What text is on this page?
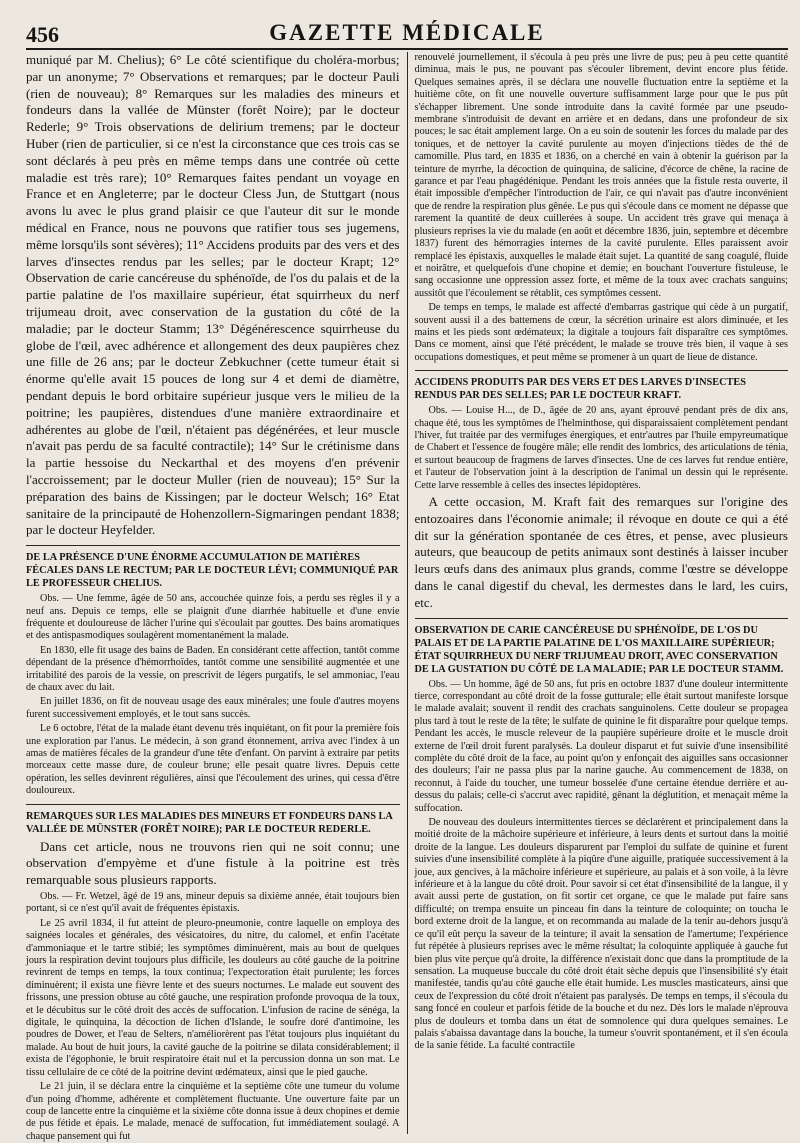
456	GAZETTE MÉDICALE

muniqué par M. Chelius); 6° Le côté scientifique du choléra-morbus; par un anonyme; 7° Observations et remarques; par le docteur Pauli (rien de nouveau); 8° Remarques sur les maladies des mineurs et fondeurs dans la vallée de Münster (forêt Noire); par le docteur Rederle; 9° Trois observations de delirium tremens; par le docteur Huber (rien de particulier, si ce n'est la circonstance que ces trois cas se sont déclarés à peu près en même temps dans une contrée où cette maladie est très rare); 10° Remarques faites pendant un voyage en France et en Angleterre; par le docteur Cless Jun, de Stuttgart (nous avons lu avec le plus grand plaisir ce que l'auteur dit sur le monde médical en France, nous ne pouvons que ratifier tous ses jugemens, même lorsqu'ils sont sévères); 11° Accidens produits par des vers et des larves d'insectes rendus par les selles; par le docteur Krapt; 12° Observation de carie cancéreuse du sphénoïde, de l'os du palais et de la partie palatine de l'os maxillaire supérieur, état squirrheux du nerf trijumeau droit, avec conservation de la gustation du côté de la maladie; par le docteur Stamm; 13° Dégénérescence squirrheuse du globe de l'œil, avec adhérence et allongement des deux paupières chez une fille de 26 ans; par le docteur Zebkuchner (cette tumeur était si énorme qu'elle avait 15 pouces de long sur 4 et demi de diamètre, pendant depuis le bord orbitaire supérieur jusque vers le milieu de la poitrine; les paupières, distendues d'une manière extraordinaire et adhérentes au globe de l'œil, n'étaient pas dégénérées, et leur muscle n'avait pas perdu de sa faculté contractile); 14° Sur le crétinisme dans la partie hessoise du Neckarthal et des moyens d'en prévenir l'accroissement; par le docteur Muller (rien de nouveau); 15° Sur la préparation des bains de Kissingen; par le docteur Welsch; 16° Etat sanitaire de la principauté de Hohenzollern-Sigmaringen pendant 1838; par le docteur Heyfelder.

DE LA PRÉSENCE D'UNE ÉNORME ACCUMULATION DE MATIÈRES FÉCALES DANS LE RECTUM; PAR LE DOCTEUR LÉVI; COMMUNIQUÉ PAR LE PROFESSEUR CHELIUS.

Obs. — Une femme, âgée de 50 ans, accouchée quinze fois, a perdu ses règles il y a neuf ans. Depuis ce temps, elle se plaignit d'une diarrhée habituelle et d'une envie fréquente et douloureuse de lâcher l'urine qui s'écoulait par gouttes. Des bains aromatiques et des antispasmodiques soulagèrent momentanément la malade.

En 1830, elle fit usage des bains de Baden. En considérant cette affection, tantôt comme dépendant de la présence d'hémorrhoïdes, tantôt comme une sensibilité augmentée et une irritabilité des parois de la vessie, on prescrivit de légers purgatifs, le sel ammoniac, l'eau de chaux avec du lait.

En juillet 1836, on fit de nouveau usage des eaux minérales; une foule d'autres moyens furent successivement employés, et le tout sans succès.

Le 6 octobre, l'état de la malade étant devenu très inquiétant, on fit pour la première fois une exploration par l'anus. Le médecin, à son grand étonnement, arriva avec l'index à un amas de matières fécales de la grandeur d'une tête d'enfant. On parvint à extraire par petits morceaux cette masse dure, de couleur brune; elle pesait quatre livres. Depuis cette opération, les selles devinrent régulières, ainsi que l'écoulement des urines, qui cessa d'être douloureux.

REMARQUES SUR LES MALADIES DES MINEURS ET FONDEURS DANS LA VALLÉE DE MÜNSTER (FORÊT NOIRE); PAR LE DOCTEUR REDERLE.

Dans cet article, nous ne trouvons rien qui ne soit connu; une observation d'empyème et d'une fistule à la poitrine est très remarquable sous plusieurs rapports.

Obs. — Fr. Wetzel, âgé de 19 ans, mineur depuis sa dixième année, était toujours bien portant, si ce n'est qu'il avait de fréquentes épistaxis.

Le 25 avril 1834, il fut atteint de pleuro-pneumonie, contre laquelle on employa des saignées locales et générales, des vésicatoires, du nitre, du calomel, et enfin l'acétate d'ammoniaque et le tartre stibié; les symptômes diminuèrent, mais au bout de quelques jours la respiration devint toujours plus difficile, les douleurs au côté gauche de la poitrine revinrent de temps en temps, la toux continua; l'expectoration était purulente; les forces diminuèrent; il exista une fièvre lente et des sueurs nocturnes. Le malade eut souvent des frissons, une pression obtuse au côté gauche, une respiration profonde provoqua de la toux, et le décubitus sur le côté droit des accès de suffocation. L'infusion de racine de sénéga, la digitale, le quinquina, la décoction de lichen d'Islande, le soufre doré d'antimoine, les poudres de Dower, et l'eau de Selters, n'améliorèrent pas l'état toujours plus inquiétant du malade. Au bout de huit jours, la cavité gauche de la poitrine se dilata considérablement; il exista de l'égophonie, le bruit respiratoire était nul et la percussion donna un son mat. Le tissu cellulaire de ce côté de la poitrine devint œdémateux, ainsi que le pied gauche.

Le 21 juin, il se déclara entre la cinquième et la septième côte une tumeur du volume d'un poing d'homme, adhérente et complètement fluctuante. Une ouverture faite par un coup de lancette entre la cinquième et la sixième côte donna issue à deux chopines et demie de pus fétide et épais. Le malade, menacé de suffocation, fut immédiatement soulagé. A chaque pansement qui fut

renouvelé journellement, il s'écoula à peu près une livre de pus; peu à peu cette quantité diminua, mais le pus, ne pouvant pas s'écouler librement, devint encore plus fétide. Quelques semaines après, il se déclara une nouvelle fluctuation entre la septième et la huitième côte, on fit une nouvelle ouverture suffisamment large pour que le pus pût s'échapper librement. Une sonde introduite dans la cavité formée par une pseudo-membrane s'introduisit de devant en arrière et en dedans, dans une profondeur de six pouces; le sac était amplement large. On a eu soin de soutenir les forces du malade par des toniques, et de nettoyer la cavité purulente au moyen d'injections tièdes de thé de camomille. Plus tard, en 1835 et 1836, on a cherché en vain à obtenir la guérison par la teinture de myrrhe, la décoction de quinquina, de salicine, d'écorce de chêne, la racine de garance et par l'eau phagédénique. Pendant les trois années que la fistule resta ouverte, il était impossible d'empêcher l'introduction de l'air, ce qui n'avait pas d'autre inconvénient que de rendre la respiration plus gênée. Le pus qui s'écoule dans ce moment ne dépasse que rarement la quantité de deux cuillerées à soupe. Un accident très grave qui menaça à plusieurs reprises la vie du malade (en août et décembre 1836, juin, septembre et décembre 1837) furent des hémorragies internes de la cavité purulente. Elles paraissent avoir remplacé les épistaxis, auxquelles le malade était sujet. La quantité de sang coagulé, fluide et noirâtre, et quelquefois d'une chopine et demie; en bouchant l'ouverture fistuleuse, le sang occasionne une oppression assez forte, et même de la toux avec crachats sanguins; aussitôt que l'écoulement se rétablit, ces symptômes cessent.

De temps en temps, le malade est affecté d'embarras gastrique qui cède à un purgatif, souvent aussi il a des battemens de cœur, la sécrétion urinaire est alors diminuée, et les mains et les pieds sont œdémateux; la digitale a toujours fait disparaître ces symptômes. Dans ce moment, ainsi que l'été précédent, le malade se trouve très bien, il vaque à ses occupations domestiques, et peut même se promener à un quart de lieue de distance.

ACCIDENS PRODUITS PAR DES VERS ET DES LARVES D'INSECTES RENDUS PAR DES SELLES; PAR LE DOCTEUR KRAFT.

Obs. — Louise H..., de D., âgée de 20 ans, ayant éprouvé pendant près de dix ans, chaque été, tous les symptômes de l'helminthose, qui disparaissaient complètement pendant l'hiver, fut traitée par des vermifuges énergiques, et entr'autres par l'huile empyreumatique de Chabert et l'essence de fougère mâle; elle rendit des lombrics, des articulations de ténia, et surtout beaucoup de fragmens de larves d'insectes. Une de ces larves fut rendue entière, et l'auteur de l'observation joint à la description de l'animal un dessin qui le représente. Cette larve ressemble à celles des insectes lépidoptères.

A cette occasion, M. Kraft fait des remarques sur l'origine des entozoaires dans l'économie animale; il révoque en doute ce qui a été dit sur la génération spontanée de ces êtres, et pense, avec plusieurs auteurs, que beaucoup de petits animaux sont destinés à laisser incuber leurs œufs dans des animaux plus grands, comme l'œstre se développe dans le canal digestif du cheval, les dermestes dans le lard, les cuirs, etc.

OBSERVATION DE CARIE CANCÉREUSE DU SPHÉNOÏDE, DE L'OS DU PALAIS ET DE LA PARTIE PALATINE DE L'OS MAXILLAIRE SUPÉRIEUR; ÉTAT SQUIRRHEUX DU NERF TRIJUMEAU DROIT, AVEC CONSERVATION DE LA GUSTATION DU CÔTÉ DE LA MALADIE; PAR LE DOCTEUR STAMM.

Obs. — Un homme, âgé de 50 ans, fut pris en octobre 1837 d'une douleur intermittente tierce, correspondant au côté droit de la fosse gutturale; elle était surtout manifeste lorsque le malade avalait; souvent il rendit des crachats sanguinolens. Cette douleur se propagea plus tard à tout le reste de la tête; le sulfate de quinine le fit disparaître pour quelque temps. Pendant les accès, le muscle releveur de la paupière supérieure droite et le muscle droit externe de l'œil droit furent paralysés. La douleur disparut et fut suivie d'une insensibilité complète du côté droit de la face, au point qu'on y enfonçait des aiguilles sans occasionner des douleurs; l'air ne passa plus par la narine gauche. Au commencement de 1838, on reconnut, à l'aide du toucher, une tumeur bosselée d'une certaine étendue derrière et au-dessus du palais; celle-ci s'accrut avec rapidité, gênant la déglutition, et menaçait même la suffocation.

De nouveau des douleurs intermittentes tierces se déclarèrent et principalement dans la moitié droite de la mâchoire supérieure et inférieure, à leurs dents et surtout dans la moitié droite de la langue. Les douleurs disparurent par l'emploi du sulfate de quinine et furent suivies d'une insensibilité complète à la piqûre d'une aiguille, pratiquée successivement à la joue, aux gencives, à la mâchoire inférieure et supérieure, au palais et à son voile, à la lèvre inférieure et à la langue du côté droit. Pour savoir si cet état d'insensibilité de la langue, il y avait aussi perte de gustation, on fit sortir cet organe, ce que le malade put faire sans difficulté; on trempa ensuite un pinceau fin dans la teinture de coloquinte; on toucha le bord externe droit de la langue, et on recommanda au malade de la tenir au-dehors jusqu'à ce qu'il eût perçu la saveur de la teinture; il avait la sensation de l'amertume; l'expérience fut répétée à plusieurs reprises avec le même résultat; la coloquinte appliquée à gauche fut bien plus vite perçue qu'à droite, la différence n'existait donc que dans la promptitude de la sensation. La muqueuse buccale du côté droit était sèche depuis que l'insensibilité s'y était manifestée, tandis qu'au côté gauche elle était humide. Les muscles masticateurs, ainsi que ceux de l'expression du côté droit n'étaient pas paralysés. De temps en temps, il s'écoula du sang foncé en couleur et parfois fétide de la bouche et du nez. Dès lors le malade n'éprouva plus de douleurs et tomba dans un état de somnolence qui dura quelques semaines. Le palais s'abaissa davantage dans la bouche, la tumeur s'ouvrit spontanément, et il s'en écoula de la sanie fétide. La faculté contractile
